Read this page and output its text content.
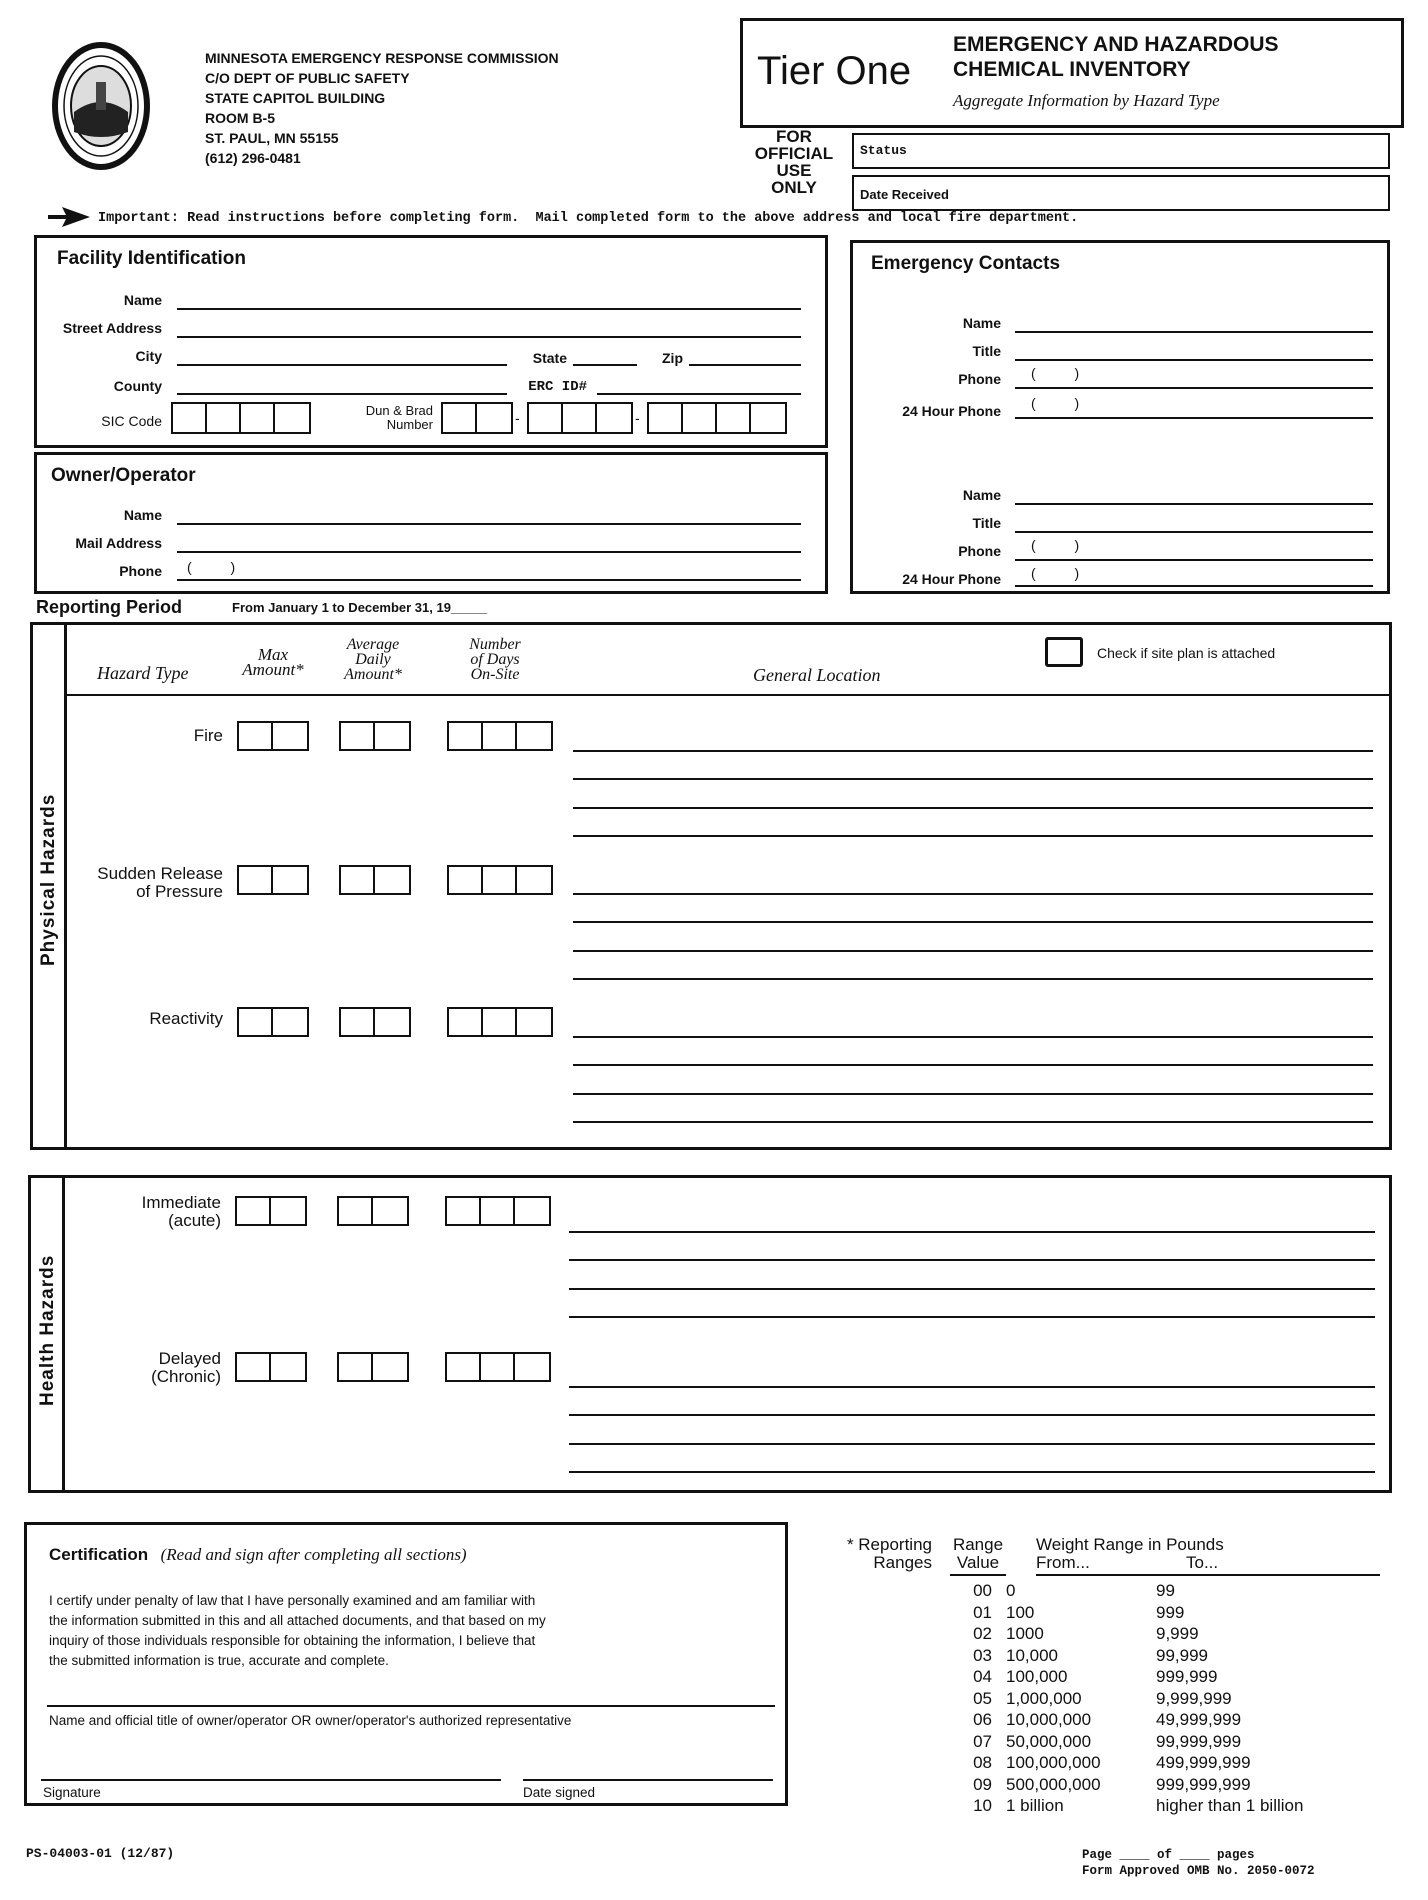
MINNESOTA EMERGENCY RESPONSE COMMISSION
C/O DEPT OF PUBLIC SAFETY
STATE CAPITOL BUILDING
ROOM B-5
ST. PAUL, MN 55155
(612) 296-0481
Tier One
EMERGENCY AND HAZARDOUS
CHEMICAL INVENTORY
Aggregate Information by Hazard Type
FOR
OFFICIAL
USE
ONLY
Status
Date Received
Important: Read instructions before completing form.  Mail completed form to the above address and local fire department.
Facility Identification
Name
Street Address
City	State	Zip
County	ERC ID#
SIC Code
Dun & Brad
Number	-	-
Owner/Operator
Name
Mail Address
Phone (          )
Emergency Contacts
Name
Title
Phone (          )
24 Hour Phone (          )
Name
Title
Phone (          )
24 Hour Phone (          )
Reporting Period	From January 1 to December 31, 19_____
Physical Hazards
Hazard Type
Max
Amount*
Average
Daily
Amount*
Number
of Days
On-Site	General Location
Check if site plan is attached
Fire
Sudden Release
of Pressure
Reactivity
Health Hazards
Immediate
(acute)
Delayed
(Chronic)
Certification (Read and sign after completing all sections)
I certify under penalty of law that I have personally examined and am familiar with
the information submitted in this and all attached documents, and that based on my
inquiry of those individuals responsible for obtaining the information, I believe that
the submitted information is true, accurate and complete.
Name and official title of owner/operator OR owner/operator's authorized representative
Signature	Date signed
* Reporting
Ranges
Range
Value
Weight Range in Pounds
From...	To...
00 0	99
01 100	999
02 1000	9,999
03 10,000	99,999
04 100,000	999,999
05 1,000,000	9,999,999
06 10,000,000	49,999,999
07 50,000,000	99,999,999
08 100,000,000	499,999,999
09 500,000,000	999,999,999
10 1 billion	higher than 1 billion
PS-04003-01 (12/87)	Page ____ of ____ pages
Form Approved OMB No. 2050-0072
